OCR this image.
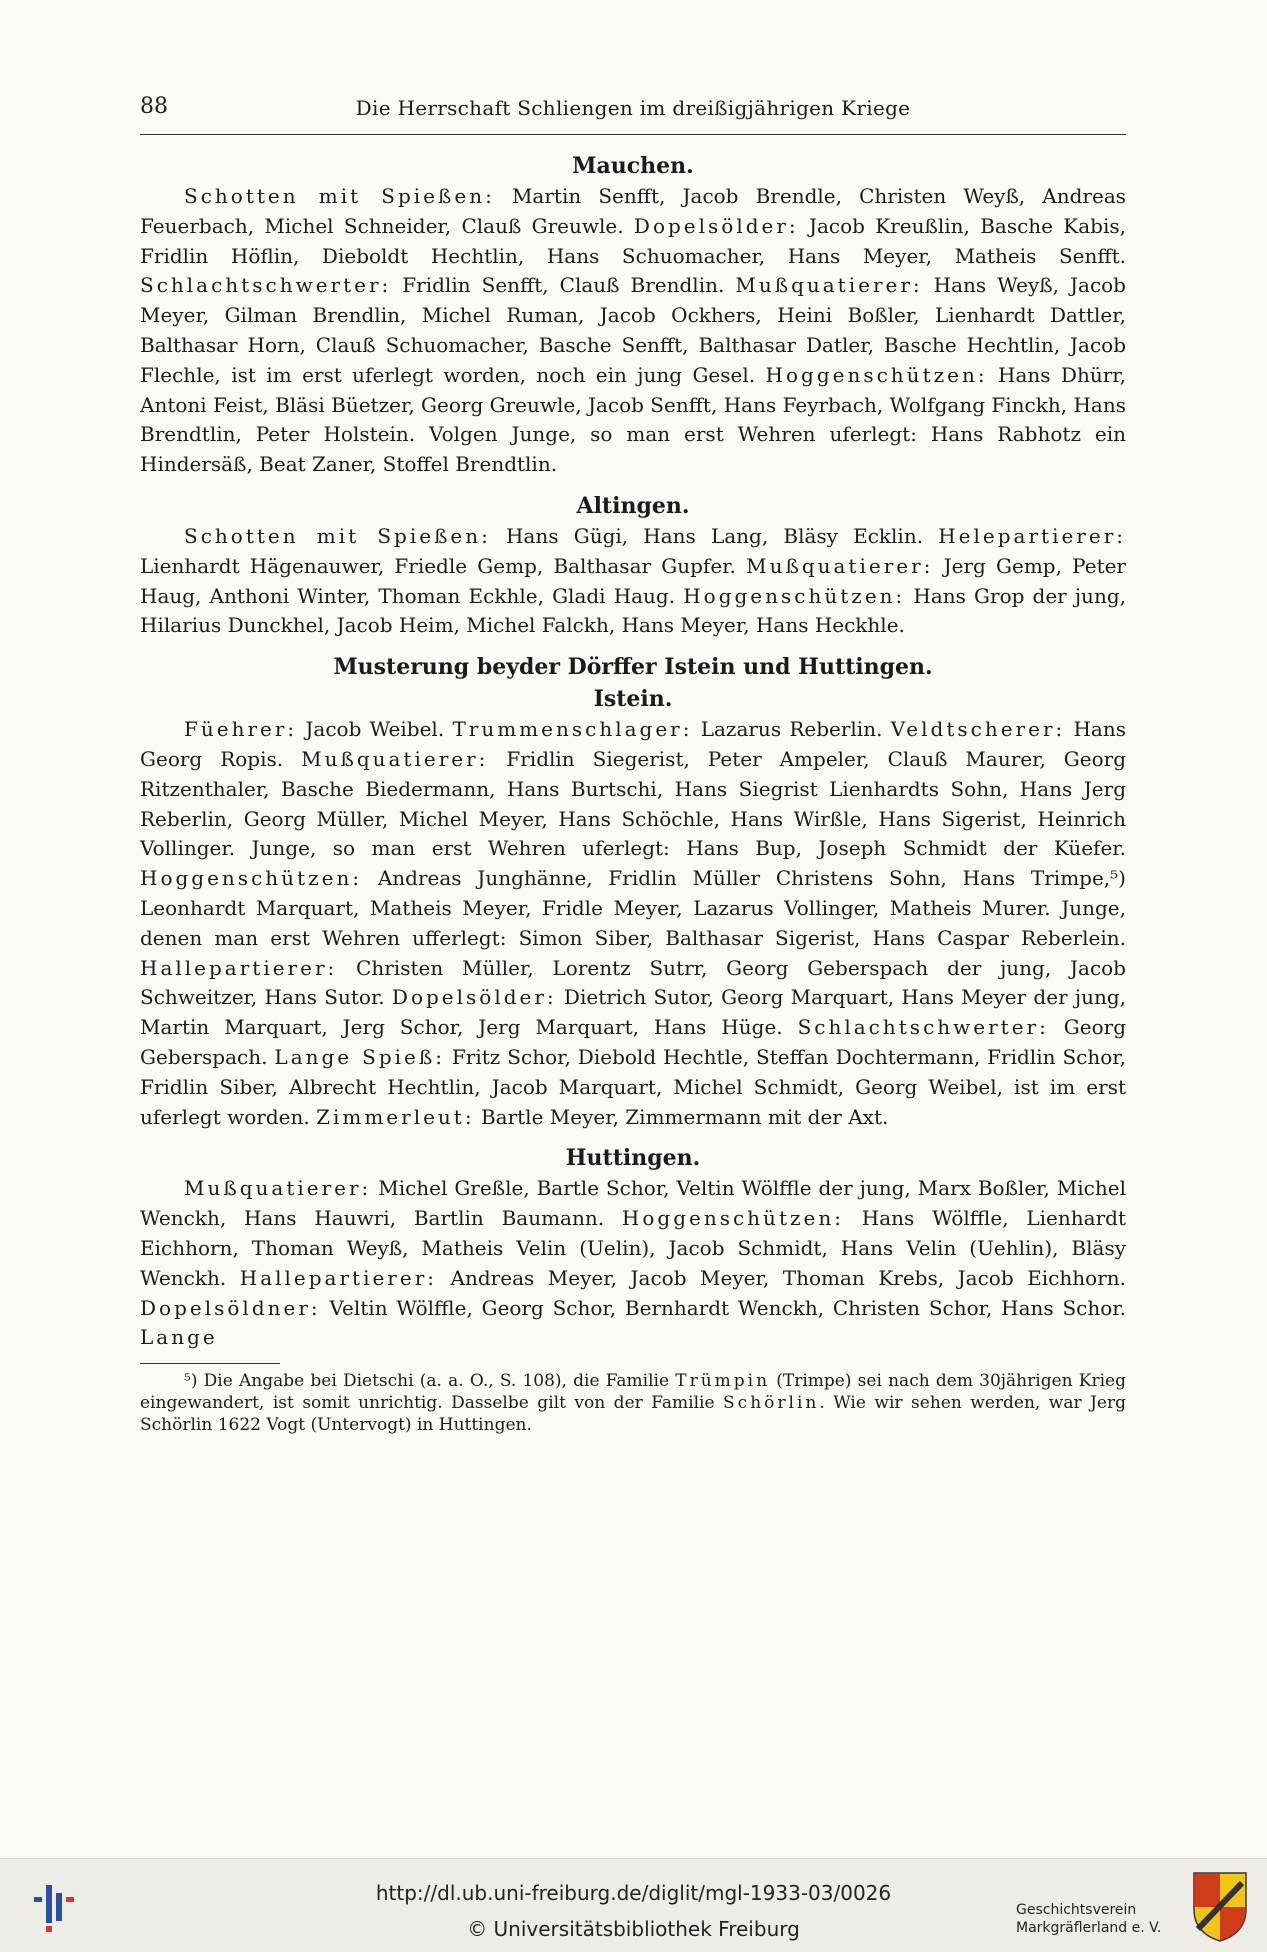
88	Die Herrschaft Schliengen im dreißigjährigen Kriege
Mauchen.

Schotten mit Spießen: Martin Senfft, Jacob Brendle, Christen Weyß, Andreas Feuerbach, Michel Schneider, Clauß Greuwle. Dopelsölder: Jacob Kreußlin, Basche Kabis, Fridlin Höflin, Dieboldt Hechtlin, Hans Schuomacher, Hans Meyer, Matheis Senfft. Schlachtschwerter: Fridlin Senfft, Clauß Brendlin. Mußquatierer: Hans Weyß, Jacob Meyer, Gilman Brendlin, Michel Ruman, Jacob Ockhers, Heini Boßler, Lienhardt Dattler, Balthasar Horn, Clauß Schuomacher, Basche Senfft, Balthasar Datler, Basche Hechtlin, Jacob Flechle, ist im erst uferlegt worden, noch ein jung Gesel. Hoggenschützen: Hans Dhürr, Antoni Feist, Bläsi Büetzer, Georg Greuwle, Jacob Senfft, Hans Feyrbach, Wolfgang Finckh, Hans Brendtlin, Peter Holstein. Volgen Junge, so man erst Wehren uferlegt: Hans Rabhotz ein Hindersäß, Beat Zaner, Stoffel Brendtlin.

Altingen.

Schotten mit Spießen: Hans Gügi, Hans Lang, Bläsy Ecklin. Helepartierer: Lienhardt Hägenauwer, Friedle Gemp, Balthasar Gupfer. Mußquatierer: Jerg Gemp, Peter Haug, Anthoni Winter, Thoman Eckhle, Gladi Haug. Hoggenschützen: Hans Grop der jung, Hilarius Dunckhel, Jacob Heim, Michel Falckh, Hans Meyer, Hans Heckhle.

Musterung beyder Dörffer Istein und Huttingen.
Istein.

Füehrer: Jacob Weibel. Trummenschlager: Lazarus Reberlin. Veldtscherer: Hans Georg Ropis. Mußquatierer: Fridlin Siegerist, Peter Ampeler, Clauß Maurer, Georg Ritzenthaler, Basche Biedermann, Hans Burtschi, Hans Siegrist Lienhardts Sohn, Hans Jerg Reberlin, Georg Müller, Michel Meyer, Hans Schöchle, Hans Wirßle, Hans Sigerist, Heinrich Vollinger. Junge, so man erst Wehren uferlegt: Hans Bup, Joseph Schmidt der Küefer. Hoggenschützen: Andreas Junghänne, Fridlin Müller Christens Sohn, Hans Trimpe,⁵) Leonhardt Marquart, Matheis Meyer, Fridle Meyer, Lazarus Vollinger, Matheis Murer. Junge, denen man erst Wehren ufferlegt: Simon Siber, Balthasar Sigerist, Hans Caspar Reberlein. Hallepartierer: Christen Müller, Lorentz Sutrr, Georg Geberspach der jung, Jacob Schweitzer, Hans Sutor. Dopelsölder: Dietrich Sutor, Georg Marquart, Hans Meyer der jung, Martin Marquart, Jerg Schor, Jerg Marquart, Hans Hüge. Schlachtschwerter: Georg Geberspach. Lange Spieß: Fritz Schor, Diebold Hechtle, Steffan Dochtermann, Fridlin Schor, Fridlin Siber, Albrecht Hechtlin, Jacob Marquart, Michel Schmidt, Georg Weibel, ist im erst uferlegt worden. Zimmerleut: Bartle Meyer, Zimmermann mit der Axt.

Huttingen.

Mußquatierer: Michel Greßle, Bartle Schor, Veltin Wölffle der jung, Marx Boßler, Michel Wenckh, Hans Hauwri, Bartlin Baumann. Hoggenschützen: Hans Wölffle, Lienhardt Eichhorn, Thoman Weyß, Matheis Velin (Uelin), Jacob Schmidt, Hans Velin (Uehlin), Bläsy Wenckh. Hallepartierer: Andreas Meyer, Jacob Meyer, Thoman Krebs, Jacob Eichhorn. Dopelsöldner: Veltin Wölffle, Georg Schor, Bernhardt Wenckh, Christen Schor, Hans Schor. Lange

⁵) Die Angabe bei Dietschi (a. a. O., S. 108), die Familie Trümpin (Trimpe) sei nach dem 30jährigen Krieg eingewandert, ist somit unrichtig. Dasselbe gilt von der Familie Schörlin. Wie wir sehen werden, war Jerg Schörlin 1622 Vogt (Untervogt) in Huttingen.

http://dl.ub.uni-freiburg.de/diglit/mgl-1933-03/0026
© Universitätsbibliothek Freiburg
Geschichtsverein
Markgräflerland e. V.
